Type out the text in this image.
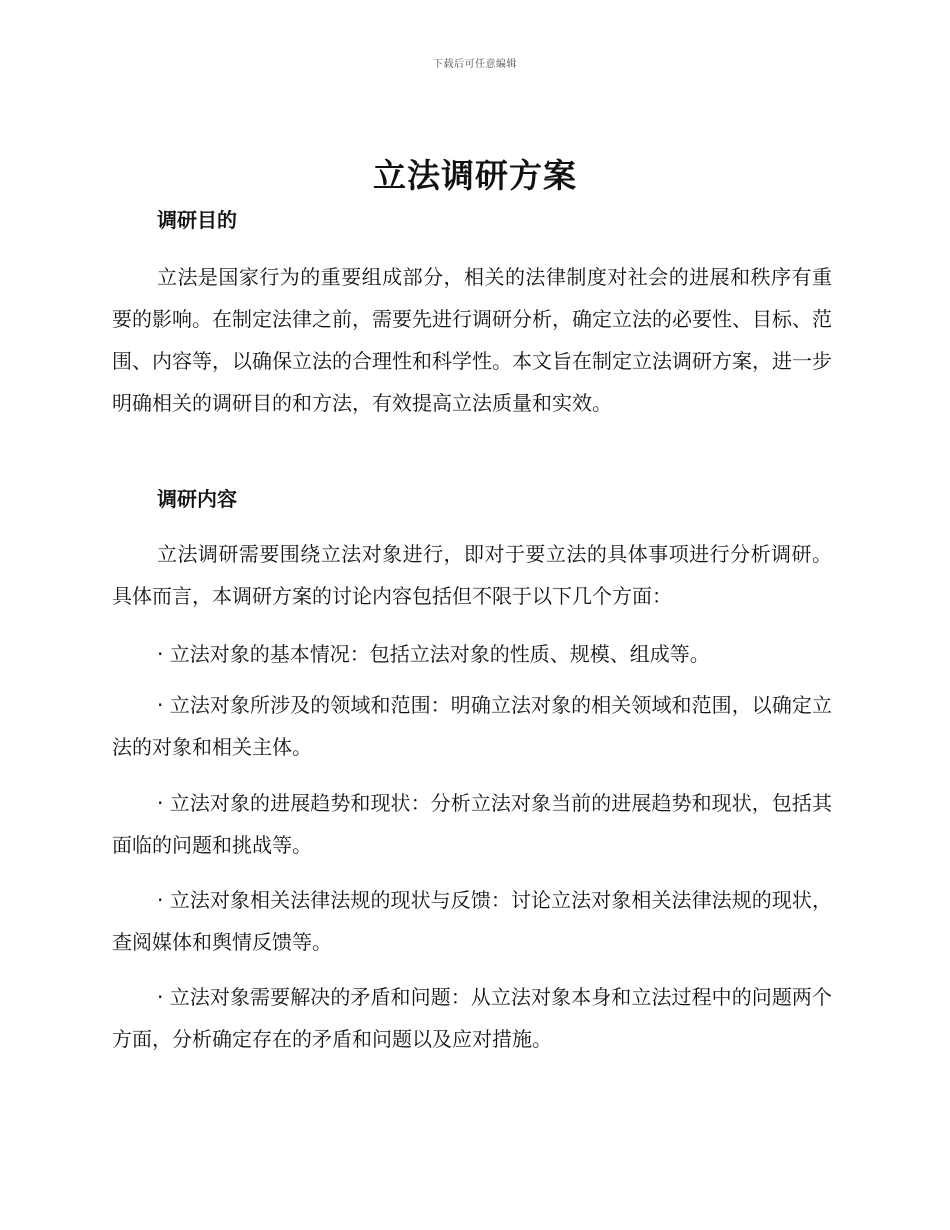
下载后可任意编辑
立法调研方案
调研目的

立法是国家行为的重要组成部分，相关的法律制度对社会的进展和秩序有重要的影响。在制定法律之前，需要先进行调研分析，确定立法的必要性、目标、范围、内容等，以确保立法的合理性和科学性。本文旨在制定立法调研方案，进一步明确相关的调研目的和方法，有效提高立法质量和实效。

调研内容

立法调研需要围绕立法对象进行，即对于要立法的具体事项进行分析调研。具体而言，本调研方案的讨论内容包括但不限于以下几个方面：

· 立法对象的基本情况：包括立法对象的性质、规模、组成等。

· 立法对象所涉及的领域和范围：明确立法对象的相关领域和范围，以确定立法的对象和相关主体。

· 立法对象的进展趋势和现状：分析立法对象当前的进展趋势和现状，包括其面临的问题和挑战等。

· 立法对象相关法律法规的现状与反馈：讨论立法对象相关法律法规的现状，查阅媒体和舆情反馈等。

· 立法对象需要解决的矛盾和问题：从立法对象本身和立法过程中的问题两个方面，分析确定存在的矛盾和问题以及应对措施。
